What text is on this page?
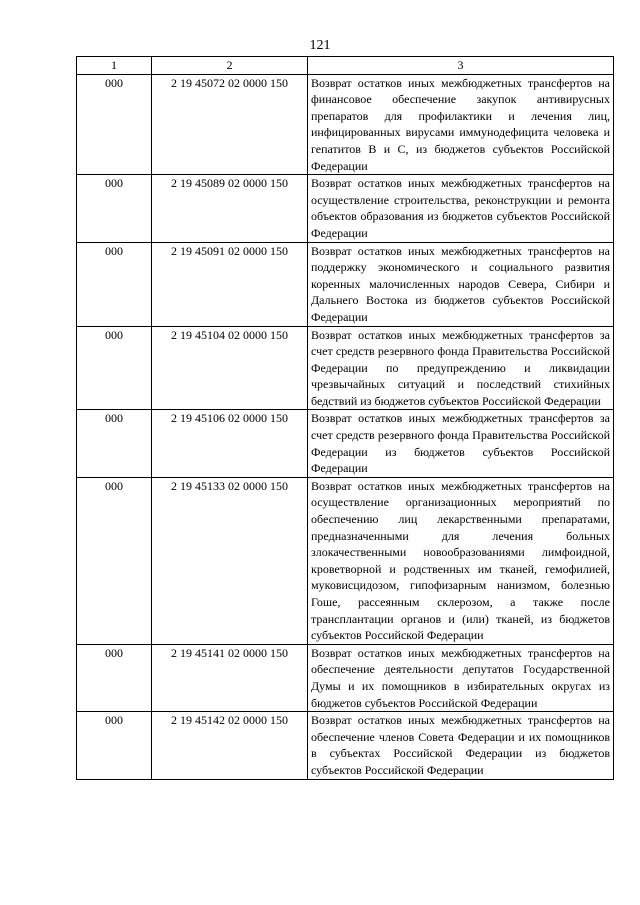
121
1	2	3
000	2 19 45072 02 0000 150	Возврат остатков иных межбюджетных трансфертов на финансовое обеспечение закупок антивирусных препаратов для профилактики и лечения лиц, инфицированных вирусами иммунодефицита человека и гепатитов В и С, из бюджетов субъектов Российской Федерации
000	2 19 45089 02 0000 150	Возврат остатков иных межбюджетных трансфертов на осуществление строительства, реконструкции и ремонта объектов образования из бюджетов субъектов Российской Федерации
000	2 19 45091 02 0000 150	Возврат остатков иных межбюджетных трансфертов на поддержку экономического и социального развития коренных малочисленных народов Севера, Сибири и Дальнего Востока из бюджетов субъектов Российской Федерации
000	2 19 45104 02 0000 150	Возврат остатков иных межбюджетных трансфертов за счет средств резервного фонда Правительства Российской Федерации по предупреждению и ликвидации чрезвычайных ситуаций и последствий стихийных бедствий из бюджетов субъектов Российской Федерации
000	2 19 45106 02 0000 150	Возврат остатков иных межбюджетных трансфертов за счет средств резервного фонда Правительства Российской Федерации из бюджетов субъектов Российской Федерации
000	2 19 45133 02 0000 150	Возврат остатков иных межбюджетных трансфертов на осуществление организационных мероприятий по обеспечению лиц лекарственными препаратами, предназначенными для лечения больных злокачественными новообразованиями лимфоидной, кроветворной и родственных им тканей, гемофилией, муковисцидозом, гипофизарным нанизмом, болезнью Гоше, рассеянным склерозом, а также после трансплантации органов и (или) тканей, из бюджетов субъектов Российской Федерации
000	2 19 45141 02 0000 150	Возврат остатков иных межбюджетных трансфертов на обеспечение деятельности депутатов Государственной Думы и их помощников в избирательных округах из бюджетов субъектов Российской Федерации
000	2 19 45142 02 0000 150	Возврат остатков иных межбюджетных трансфертов на обеспечение членов Совета Федерации и их помощников в субъектах Российской Федерации из бюджетов субъектов Российской Федерации
